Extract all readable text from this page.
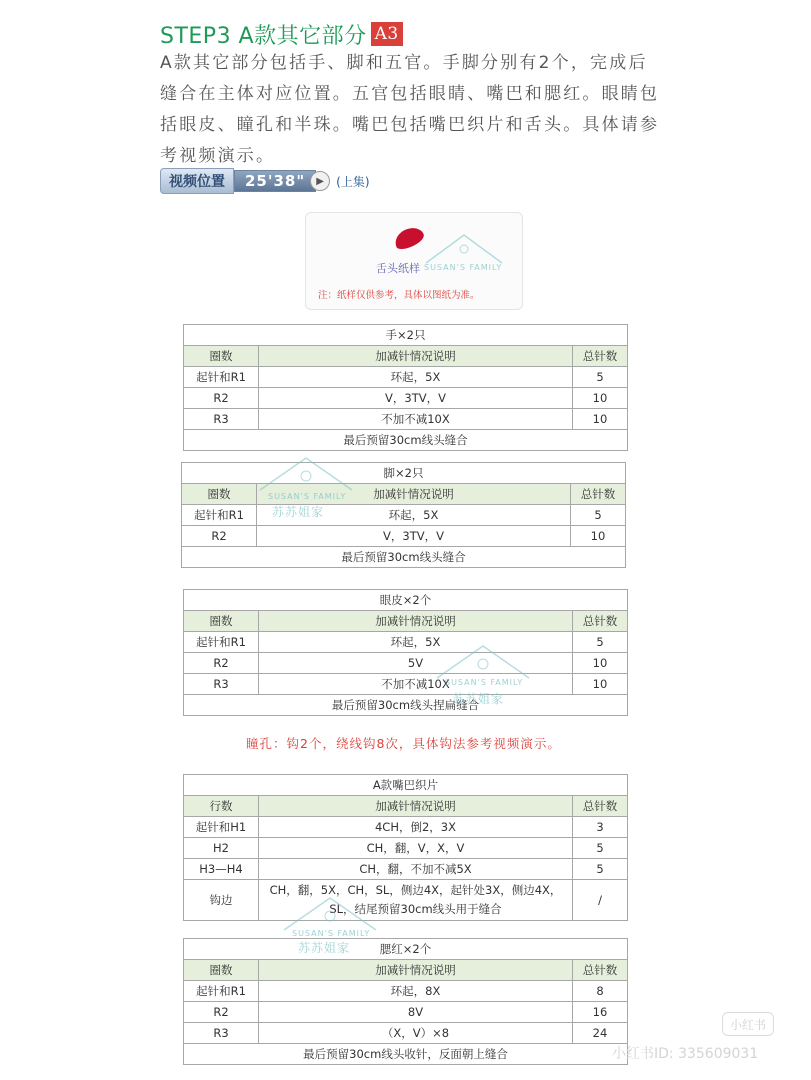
STEP3 A款其它部分 A3
A款其它部分包括手、脚和五官。手脚分别有2个，完成后缝合在主体对应位置。五官包括眼睛、嘴巴和腮红。眼睛包括眼皮、瞳孔和半珠。嘴巴包括嘴巴织片和舌头。具体请参考视频演示。
视频位置	25'38"	▶	(上集)
SUSAN'S FAMILY
舌头纸样
注：纸样仅供参考，具体以图纸为准。
手×2只		
圈数	加减针情况说明	总针数
起针和R1	环起，5X	5
R2	V，3TV，V	10
R3	不加不减10X	10
最后预留30cm线头缝合		
脚×2只		
圈数	加减针情况说明	总针数
起针和R1	环起，5X	5
R2	V，3TV，V	10
最后预留30cm线头缝合		
眼皮×2个		
圈数	加减针情况说明	总针数
起针和R1	环起，5X	5
R2	5V	10
R3	不加不减10X	10
最后预留30cm线头捏扁缝合		
瞳孔：钩2个，绕线钩8次，具体钩法参考视频演示。
A款嘴巴织片		
行数	加减针情况说明	总针数
起针和H1	4CH，倒2，3X	3
H2	CH，翻，V，X，V	5
H3—H4	CH，翻，不加不减5X	5
钩边	CH，翻，5X，CH，SL，侧边4X，起针处3X，侧边4X，SL，结尾预留30cm线头用于缝合	/
腮红×2个		
圈数	加减针情况说明	总针数
起针和R1	环起，8X	8
R2	8V	16
R3	（X，V）×8	24
最后预留30cm线头收针，反面朝上缝合		
SUSAN'S FAMILY
苏苏姐家
SUSAN'S FAMILY
苏苏姐家
SUSAN'S FAMILY
苏苏姐家
小红书
小红书ID: 335609031
